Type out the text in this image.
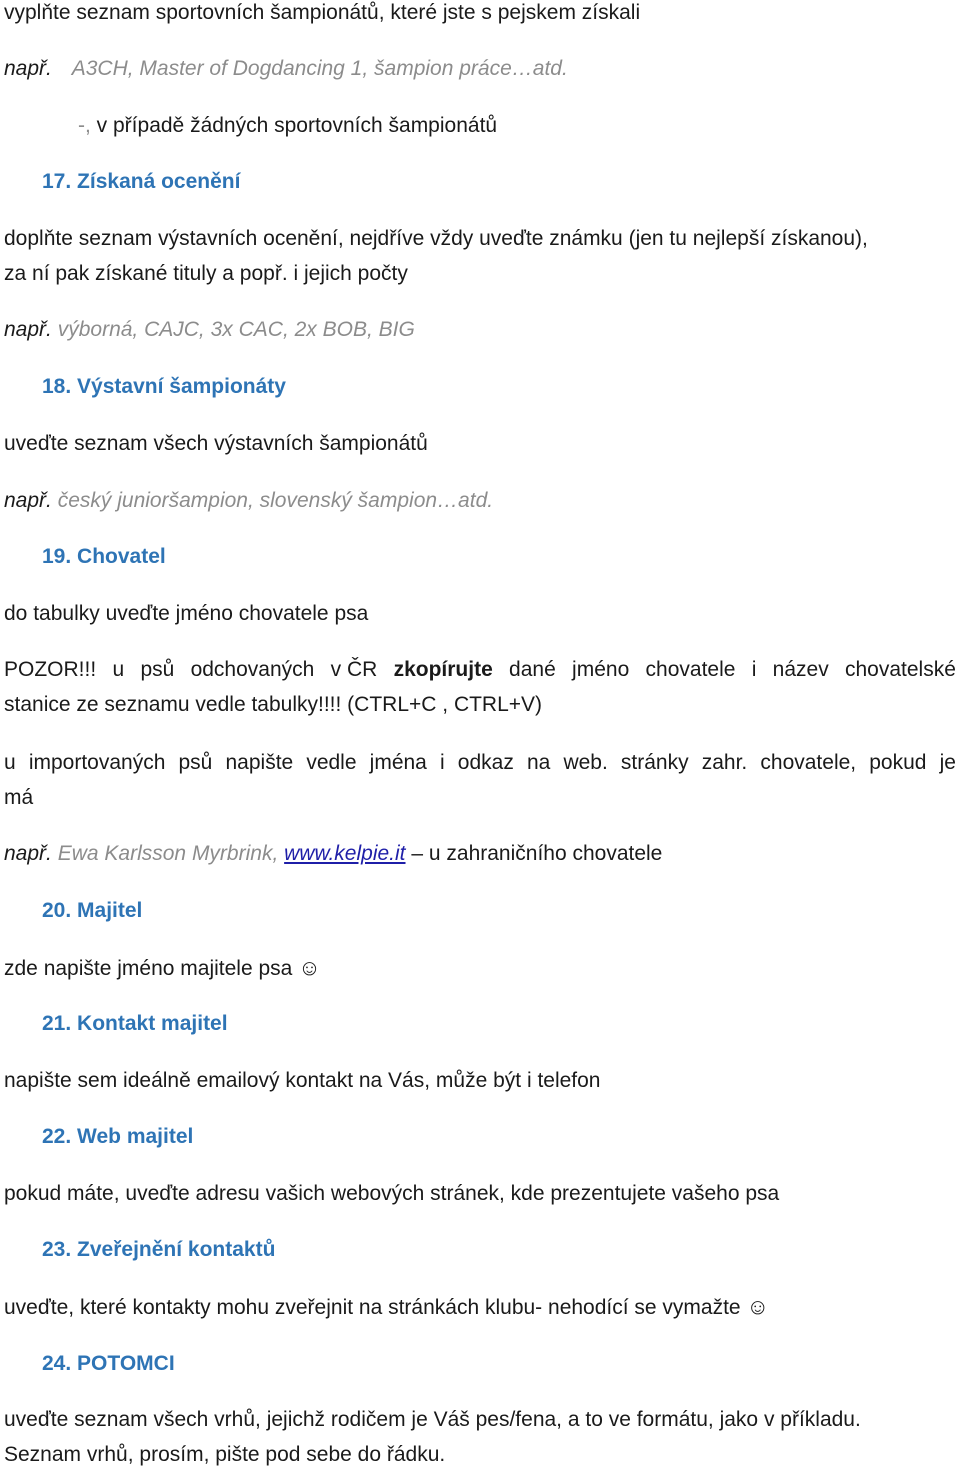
vyplňte seznam sportovních šampionátů, které jste s pejskem získali
např. A3CH, Master of Dogdancing 1, šampion práce…atd.
-, v případě žádných sportovních šampionátů
17. Získaná ocenění
doplňte seznam výstavních ocenění, nejdříve vždy uveďte známku (jen tu nejlepší získanou),
za ní pak získané tituly a popř. i jejich počty
např. výborná, CAJC, 3x CAC, 2x BOB, BIG
18. Výstavní šampionáty
uveďte seznam všech výstavních šampionátů
např. český junioršampion, slovenský šampion…atd.
19. Chovatel
do tabulky uveďte jméno chovatele psa
POZOR!!! u psů odchovaných v ČR zkopírujte dané jméno chovatele i název chovatelské
stanice ze seznamu vedle tabulky!!!! (CTRL+C , CTRL+V)
u importovaných psů napište vedle jména i odkaz na web. stránky zahr. chovatele, pokud je
má
např. Ewa Karlsson Myrbrink, www.kelpie.it – u zahraničního chovatele
20. Majitel
zde napište jméno majitele psa ☺
21. Kontakt majitel
napište sem ideálně emailový kontakt na Vás, může být i telefon
22. Web majitel
pokud máte, uveďte adresu vašich webových stránek, kde prezentujete vašeho psa
23. Zveřejnění kontaktů
uveďte, které kontakty mohu zveřejnit na stránkách klubu- nehodící se vymažte ☺
24. POTOMCI
uveďte seznam všech vrhů, jejichž rodičem je Váš pes/fena, a to ve formátu, jako v příkladu.
Seznam vrhů, prosím, pište pod sebe do řádku.
